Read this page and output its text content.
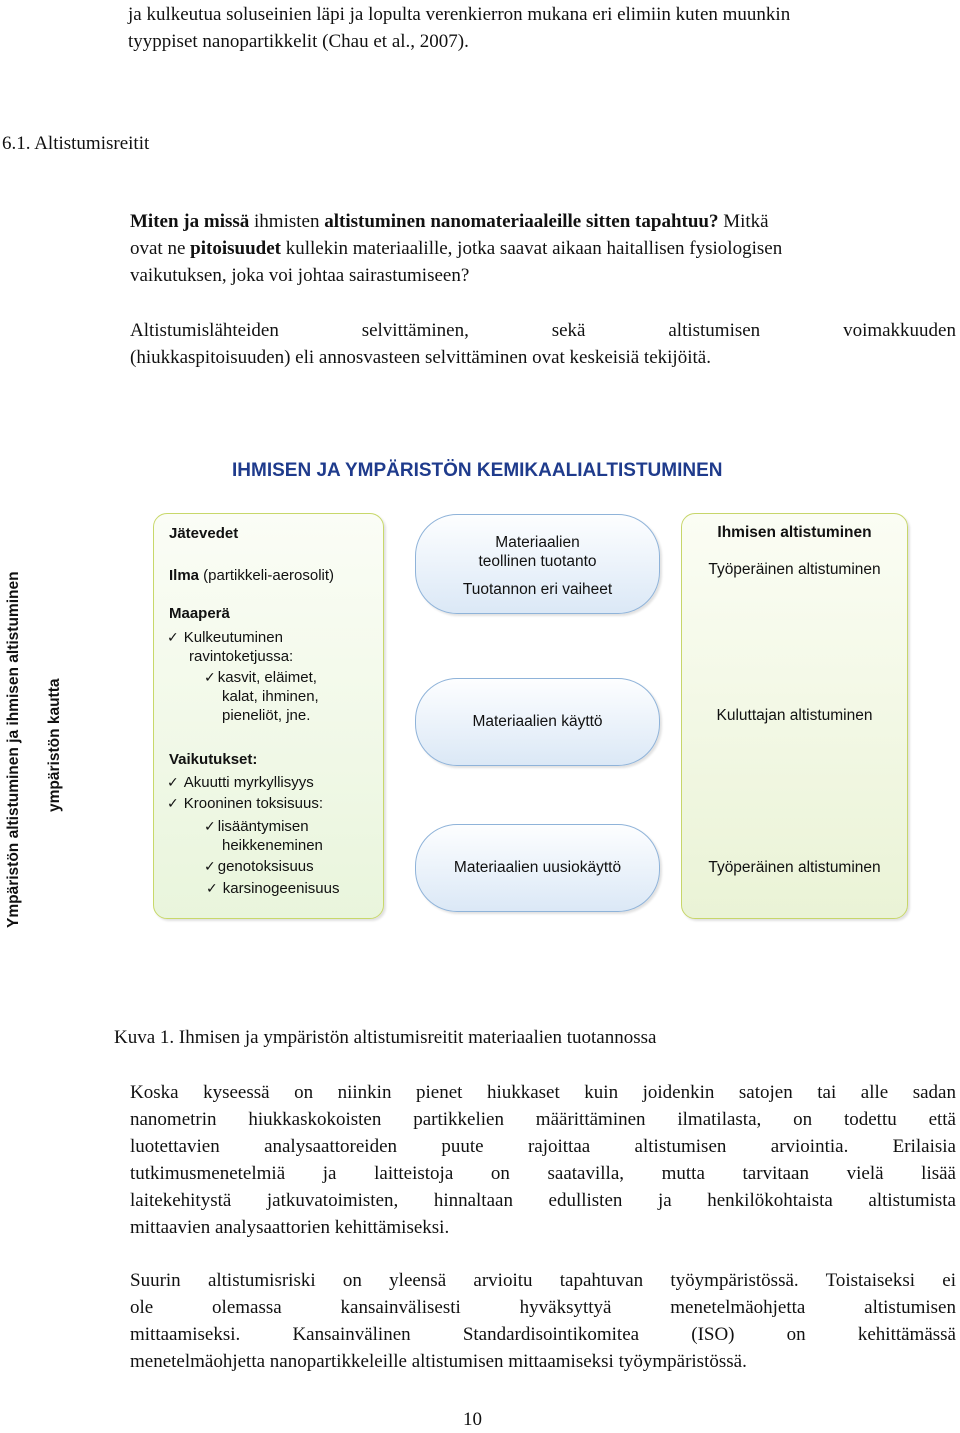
ja kulkeutua soluseinien läpi ja lopulta verenkierron mukana eri elimiin kuten muunkin
tyyppiset nanopartikkelit (Chau et al., 2007).
6.1. Altistumisreitit
Miten ja missä ihmisten altistuminen nanomateriaaleille sitten tapahtuu? Mitkä
ovat ne pitoisuudet kullekin materiaalille, jotka saavat aikaan haitallisen fysiologisen
vaikutuksen, joka voi johtaa sairastumiseen?
Altistumislähteiden selvittäminen, sekä altistumisen voimakkuuden
(hiukkaspitoisuuden) eli annosvasteen selvittäminen ovat keskeisiä tekijöitä.
IHMISEN JA YMPÄRISTÖN KEMIKAALIALTISTUMINEN
Ympäristön altistuminen ja ihmisen altistuminen ympäristön kautta
Jätevedet
Ilma (partikkeli-aerosolit)
Maaperä
✓ Kulkeutuminen
ravintoketjussa:
✓ kasvit, eläimet,
kalat, ihminen,
pieneliöt, jne.
Vaikutukset:
✓ Akuutti myrkyllisyys
✓ Krooninen toksisuus:
✓ lisääntymisen
heikkeneminen
✓ genotoksisuus
✓ karsinogeenisuus
Materiaalien
teollinen tuotanto
Tuotannon eri vaiheet
Materiaalien käyttö
Materiaalien uusiokäyttö
Ihmisen altistuminen
Työperäinen altistuminen
Kuluttajan altistuminen
Työperäinen altistuminen
Kuva 1. Ihmisen ja ympäristön altistumisreitit materiaalien tuotannossa
Koska kyseessä on niinkin pienet hiukkaset kuin joidenkin satojen tai alle sadan
nanometrin hiukkaskokoisten partikkelien määrittäminen ilmatilasta, on todettu että
luotettavien analysaattoreiden puute rajoittaa altistumisen arviointia. Erilaisia
tutkimusmenetelmiä ja laitteistoja on saatavilla, mutta tarvitaan vielä lisää
laitekehitystä jatkuvatoimisten, hinnaltaan edullisten ja henkilökohtaista altistumista
mittaavien analysaattorien kehittämiseksi.
Suurin altistumisriski on yleensä arvioitu tapahtuvan työympäristössä. Toistaiseksi ei
ole olemassa kansainvälisesti hyväksyttyä menetelmäohjetta altistumisen
mittaamiseksi. Kansainvälinen Standardisointikomitea (ISO) on kehittämässä
menetelmäohjetta nanopartikkeleille altistumisen mittaamiseksi työympäristössä.
10
